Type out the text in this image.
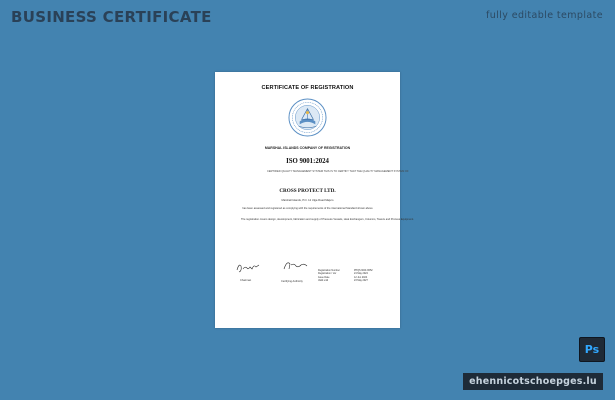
BUSINESS CERTIFICATE	fully editable template
CERTIFICATE OF REGISTRATION
MARSHAL ISLANDS COMPANY OF REGISTRATION
ISO 9001:2024
CERTIFIED QUALITY MANAGEMENT SYSTEM THIS IS TO CERTIFY THAT THE QUALITY MANAGEMENT SYSTEM OF
CROSS PROTECT LTD.
Marshall Islands, P.O. 12 Ulga Road Majuro
has been assessed and registered as complying with the requirements of the international Standard shown above
The registration covers design, development, fabrication and supply of Pressure Vessels, Heat Exchangers, Columns, Towers and Process Equipment.
Chairman	Certifying Authority
Registration Number	PPQS 9001 8652
Registration / Ver	24 May 2024
Issue Date	12 Jun 2024
Valid until	23 May 2027
Ps
ehennicotschoepges.lu
